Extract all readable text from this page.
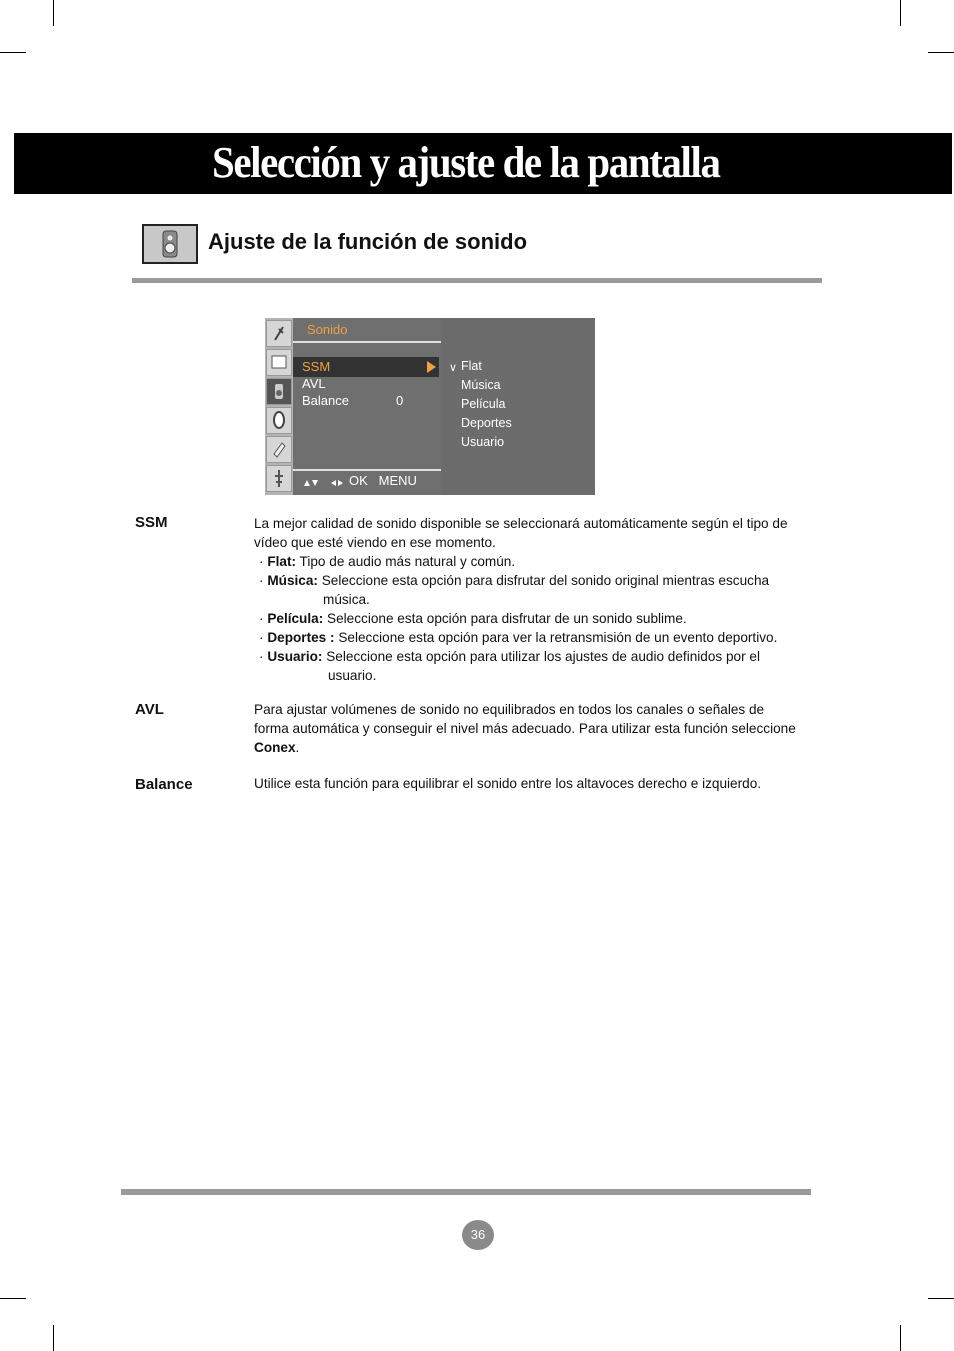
Selección y ajuste de la pantalla
Ajuste de la función de sonido
Sonido
SSM
AVL
Balance	0
OK   MENU
∨ Flat
Música
Película
Deportes
Usuario
SSM	La mejor calidad de sonido disponible se seleccionará automáticamente según el tipo de vídeo que esté viendo en ese momento.

· Flat: Tipo de audio más natural y común.

· Música: Seleccione esta opción para disfrutar del sonido original mientras escucha
música.

· Película: Seleccione esta opción para disfrutar de un sonido sublime.

· Deportes : Seleccione esta opción para ver la retransmisión de un evento deportivo.

· Usuario: Seleccione esta opción para utilizar los ajustes de audio definidos por el
usuario.

AVL	Para ajustar volúmenes de sonido no equilibrados en todos los canales o señales de forma automática y conseguir el nivel más adecuado. Para utilizar esta función seleccione Conex.

Balance	Utilice esta función para equilibrar el sonido entre los altavoces derecho e izquierdo.

36
